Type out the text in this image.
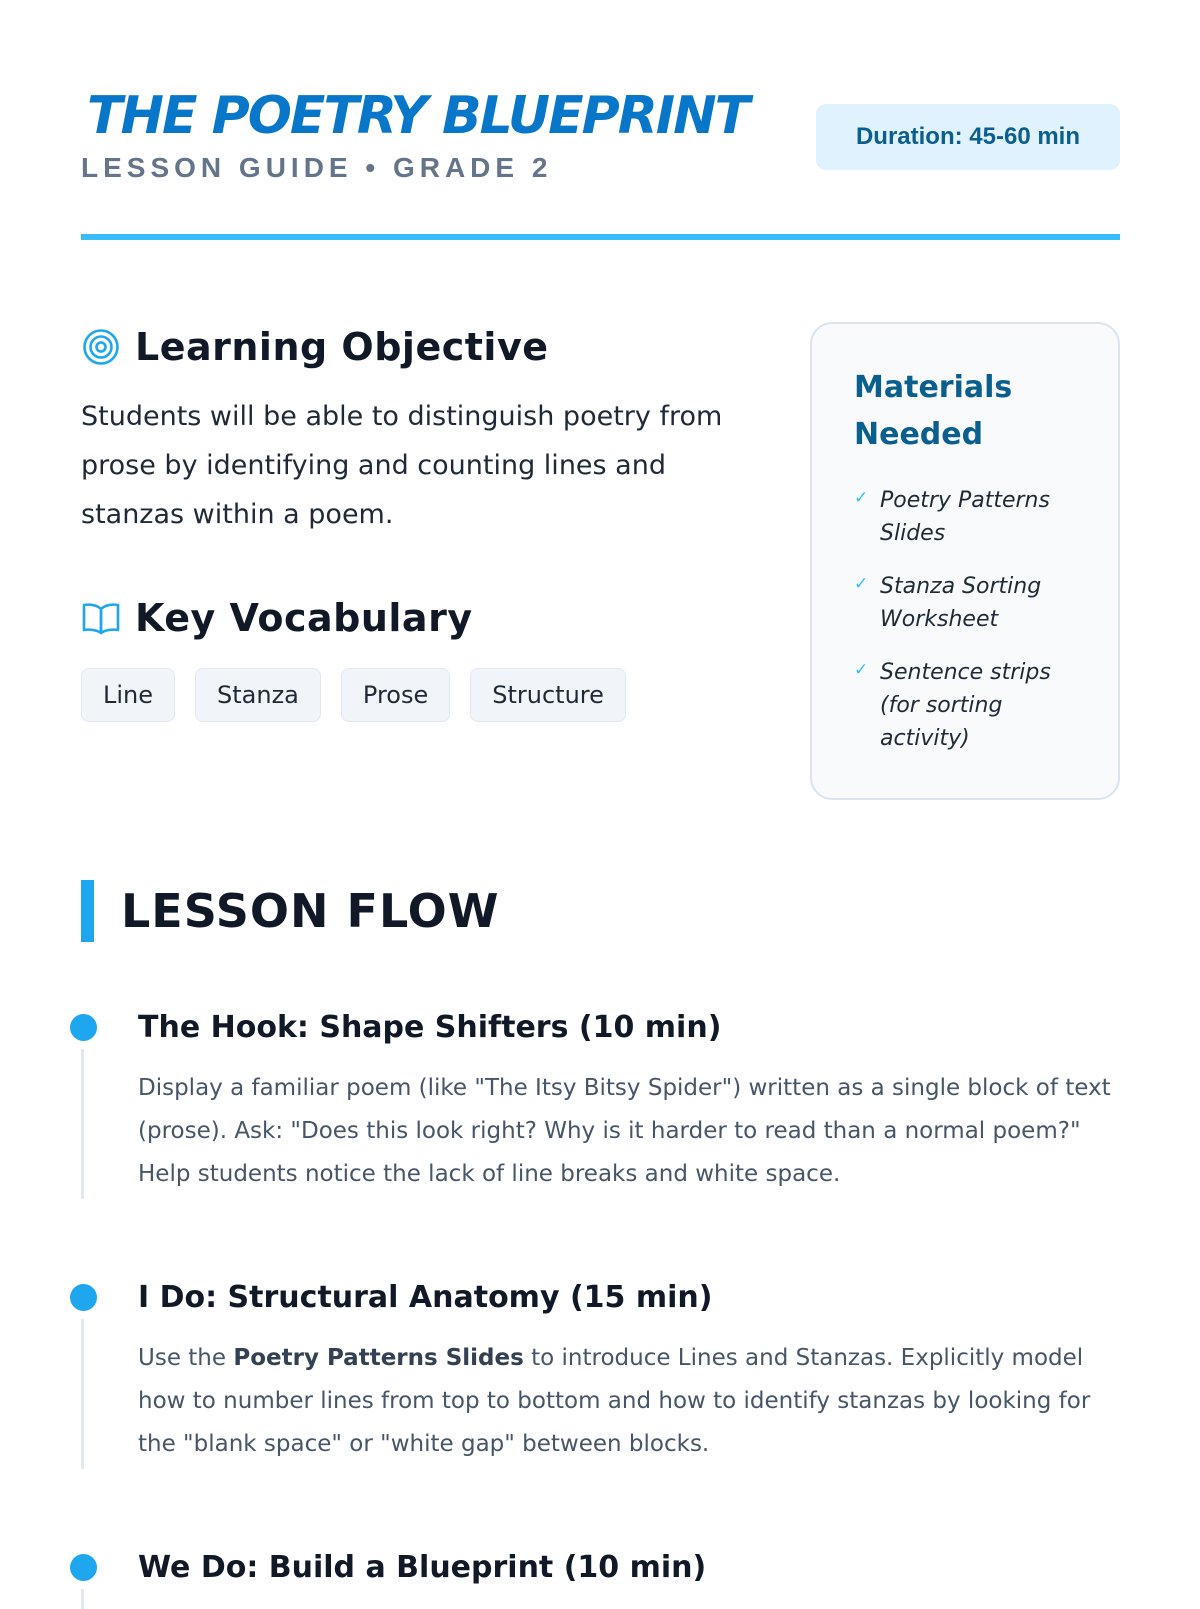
THE POETRY BLUEPRINT

LESSON GUIDE • GRADE 2

Duration: 45-60 min
Learning Objective

Students will be able to distinguish poetry from prose by identifying and counting lines and stanzas within a poem.

Key Vocabulary
Line	Stanza	Prose	Structure
Materials Needed
✓ Poetry Patterns Slides
✓ Stanza Sorting Worksheet
✓ Sentence strips (for sorting activity)
LESSON FLOW
The Hook: Shape Shifters (10 min)

Display a familiar poem (like "The Itsy Bitsy Spider") written as a single block of text (prose). Ask: "Does this look right? Why is it harder to read than a normal poem?" Help students notice the lack of line breaks and white space.

I Do: Structural Anatomy (15 min)

Use the Poetry Patterns Slides to introduce Lines and Stanzas. Explicitly model how to number lines from top to bottom and how to identify stanzas by looking for the "blank space" or "white gap" between blocks.

We Do: Build a Blueprint (10 min)
